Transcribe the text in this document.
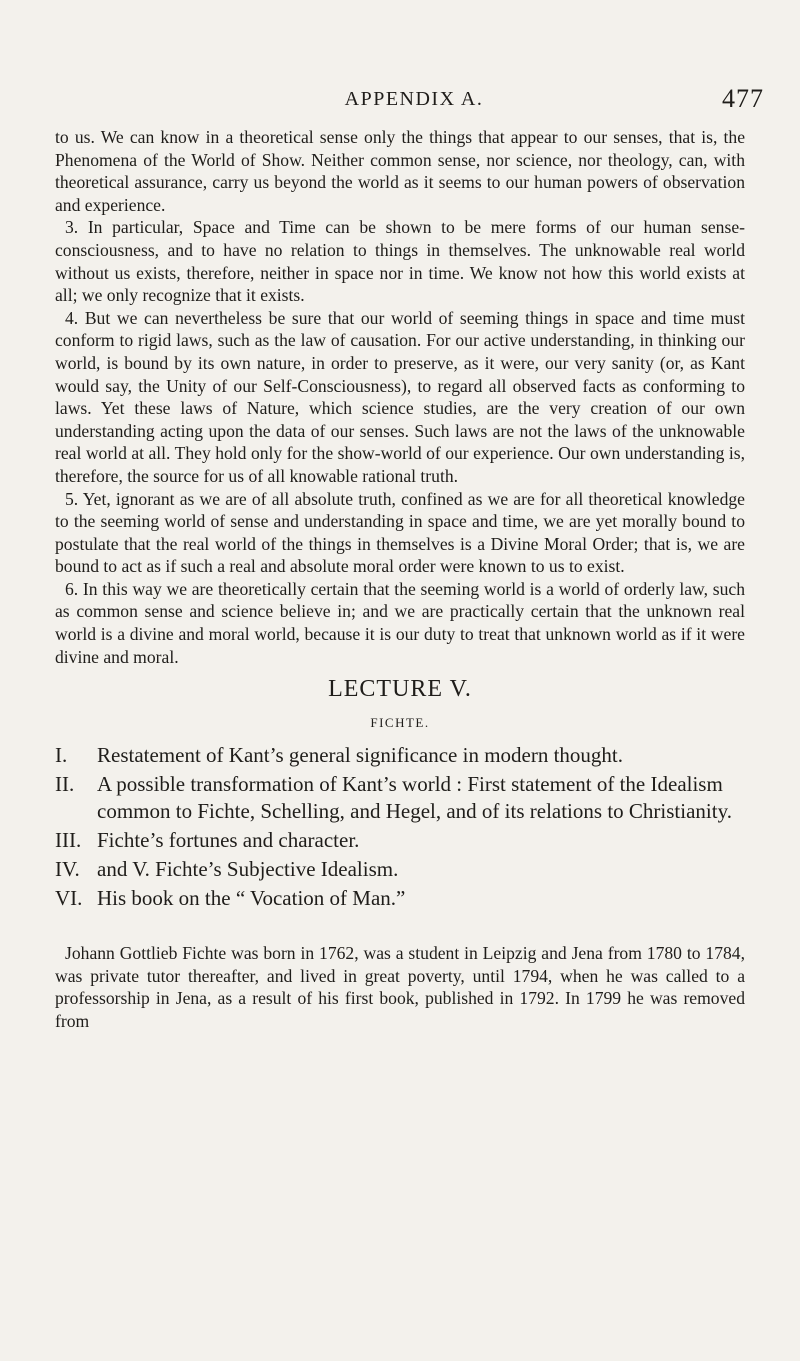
APPENDIX A.	477

to us. We can know in a theoretical sense only the things that appear to our senses, that is, the Phenomena of the World of Show. Neither common sense, nor science, nor theology, can, with theoretical assurance, carry us beyond the world as it seems to our human powers of observation and experience.

3. In particular, Space and Time can be shown to be mere forms of our human sense-consciousness, and to have no relation to things in themselves. The unknowable real world without us exists, therefore, neither in space nor in time. We know not how this world exists at all; we only recognize that it exists.

4. But we can nevertheless be sure that our world of seeming things in space and time must conform to rigid laws, such as the law of causation. For our active understanding, in thinking our world, is bound by its own nature, in order to preserve, as it were, our very sanity (or, as Kant would say, the Unity of our Self-Consciousness), to regard all observed facts as conforming to laws. Yet these laws of Nature, which science studies, are the very creation of our own understanding acting upon the data of our senses. Such laws are not the laws of the unknowable real world at all. They hold only for the show-world of our experience. Our own understanding is, therefore, the source for us of all knowable rational truth.

5. Yet, ignorant as we are of all absolute truth, confined as we are for all theoretical knowledge to the seeming world of sense and understanding in space and time, we are yet morally bound to postulate that the real world of the things in themselves is a Divine Moral Order; that is, we are bound to act as if such a real and absolute moral order were known to us to exist.

6. In this way we are theoretically certain that the seeming world is a world of orderly law, such as common sense and science believe in; and we are practically certain that the unknown real world is a divine and moral world, because it is our duty to treat that unknown world as if it were divine and moral.

LECTURE V.
FICHTE.
I. Restatement of Kant’s general significance in modern thought.
II. A possible transformation of Kant’s world : First statement of the Idealism common to Fichte, Schelling, and Hegel, and of its relations to Christianity.
III. Fichte’s fortunes and character.
IV. and V. Fichte’s Subjective Idealism.
VI. His book on the “ Vocation of Man.”

Johann Gottlieb Fichte was born in 1762, was a student in Leipzig and Jena from 1780 to 1784, was private tutor thereafter, and lived in great poverty, until 1794, when he was called to a professorship in Jena, as a result of his first book, published in 1792. In 1799 he was removed from
